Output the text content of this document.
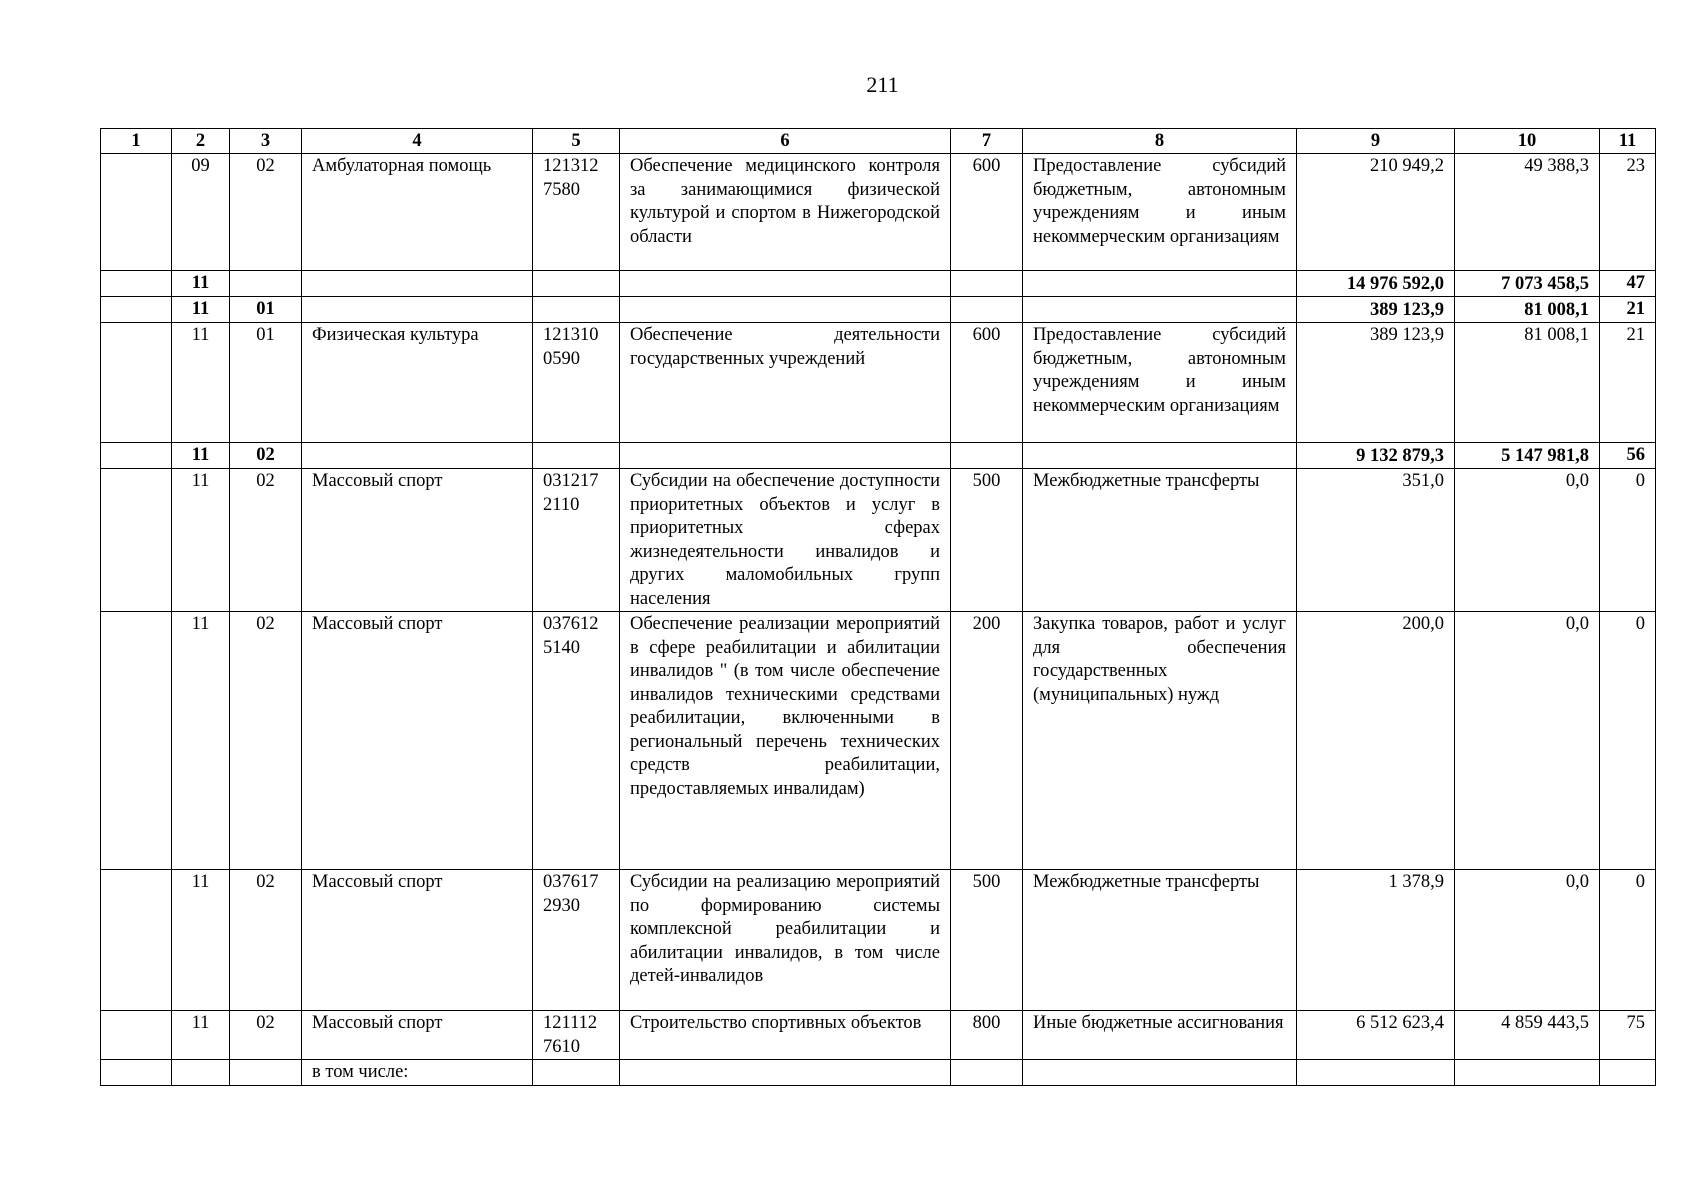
211
1	2	3	4	5	6	7	8	9	10	11
	09	02	Амбулаторная помощь	121312 7580	Обеспечение медицинского контроля за занимающимися физической культурой и спортом в Нижегородской области	600	Предоставление субсидий бюджетным, автономным учреждениям и иным некоммерческим организациям	210 949,2	49 388,3	23
	11							14 976 592,0	7 073 458,5	47
	11	01						389 123,9	81 008,1	21
	11	01	Физическая культура	121310 0590	Обеспечение деятельности государственных учреждений	600	Предоставление субсидий бюджетным, автономным учреждениям и иным некоммерческим организациям	389 123,9	81 008,1	21
	11	02						9 132 879,3	5 147 981,8	56
	11	02	Массовый спорт	031217 2110	Субсидии на обеспечение доступности приоритетных объектов и услуг в приоритетных сферах жизнедеятельности инвалидов и других маломобильных групп населения	500	Межбюджетные трансферты	351,0	0,0	0
	11	02	Массовый спорт	037612 5140	Обеспечение реализации мероприятий в сфере реабилитации и абилитации инвалидов " (в том числе обеспечение инвалидов техническими средствами реабилитации, включенными в региональный перечень технических средств реабилитации, предоставляемых инвалидам)	200	Закупка товаров, работ и услуг для обеспечения государственных (муниципальных) нужд	200,0	0,0	0
	11	02	Массовый спорт	037617 2930	Субсидии на реализацию мероприятий по формированию системы комплексной реабилитации и абилитации инвалидов, в том числе детей-инвалидов	500	Межбюджетные трансферты	1 378,9	0,0	0
	11	02	Массовый спорт	121112 7610	Строительство спортивных объектов	800	Иные бюджетные ассигнования	6 512 623,4	4 859 443,5	75
			в том числе:							
